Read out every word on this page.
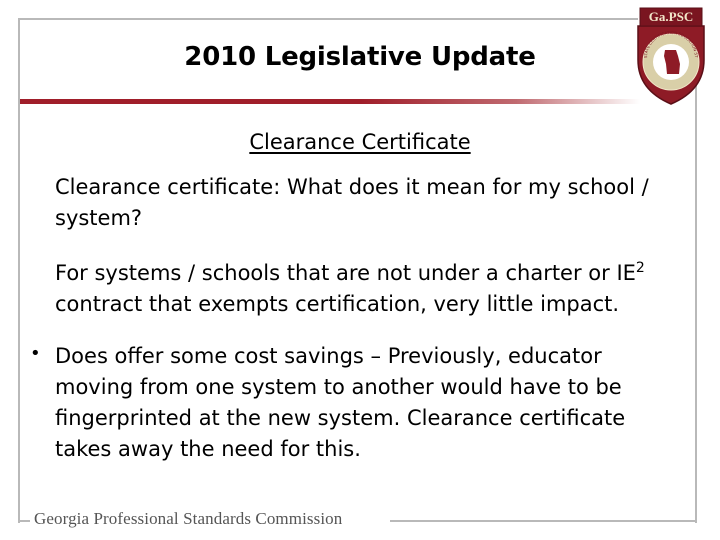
2010 Legislative Update
Ga.PSC
STATE CERTIFICATION EDUCATION ST
Clearance Certificate
Clearance certificate: What does it mean for my school / system?
For systems / schools that are not under a charter or $IE^2$ contract that exempts certification, very little impact.
• Does offer some cost savings – Previously, educator moving from one system to another would have to be fingerprinted at the new system. Clearance certificate takes away the need for this.
Georgia Professional Standards Commission
